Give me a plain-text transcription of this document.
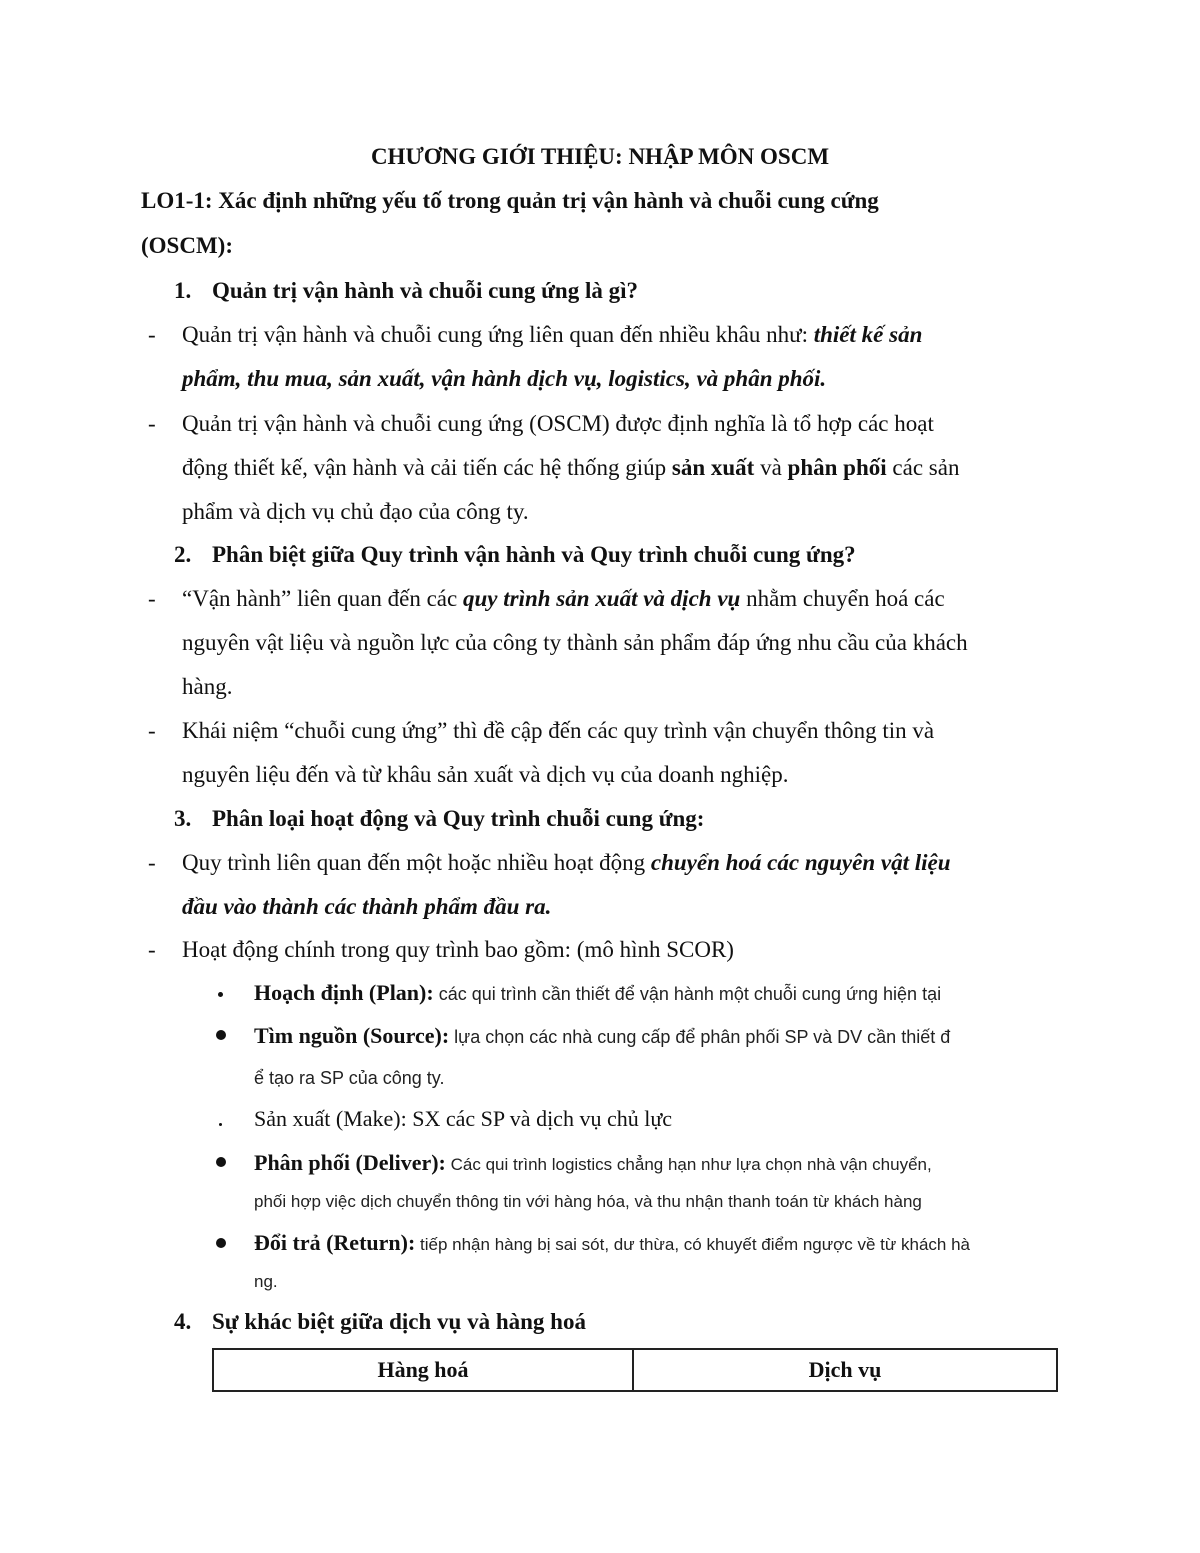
CHƯƠNG GIỚI THIỆU: NHẬP MÔN OSCM
LO1-1: Xác định những yếu tố trong quản trị vận hành và chuỗi cung cứng
(OSCM):
1. Quản trị vận hành và chuỗi cung ứng là gì?
- Quản trị vận hành và chuỗi cung ứng liên quan đến nhiều khâu như: thiết kế sản
phẩm, thu mua, sản xuất, vận hành dịch vụ, logistics, và phân phối.
- Quản trị vận hành và chuỗi cung ứng (OSCM) được định nghĩa là tổ hợp các hoạt
động thiết kế, vận hành và cải tiến các hệ thống giúp sản xuất và phân phối các sản
phẩm và dịch vụ chủ đạo của công ty.
2. Phân biệt giữa Quy trình vận hành và Quy trình chuỗi cung ứng?
- “Vận hành” liên quan đến các quy trình sản xuất và dịch vụ nhằm chuyển hoá các
nguyên vật liệu và nguồn lực của công ty thành sản phẩm đáp ứng nhu cầu của khách
hàng.
- Khái niệm “chuỗi cung ứng” thì đề cập đến các quy trình vận chuyển thông tin và
nguyên liệu đến và từ khâu sản xuất và dịch vụ của doanh nghiệp.
3. Phân loại hoạt động và Quy trình chuỗi cung ứng:
- Quy trình liên quan đến một hoặc nhiều hoạt động chuyển hoá các nguyên vật liệu
đầu vào thành các thành phẩm đầu ra.
- Hoạt động chính trong quy trình bao gồm: (mô hình SCOR)
Hoạch định (Plan): các qui trình cần thiết để vận hành một chuỗi cung ứng hiện tại
Tìm nguồn (Source): lựa chọn các nhà cung cấp để phân phối SP và DV cần thiết đ
ể tạo ra SP của công ty.
Sản xuất (Make): SX các SP và dịch vụ chủ lực
Phân phối (Deliver): Các qui trình logistics chẳng hạn như lựa chọn nhà vận chuyển,
phối hợp việc dịch chuyển thông tin với hàng hóa, và thu nhận thanh toán từ khách hàng
Đổi trả (Return): tiếp nhận hàng bị sai sót, dư thừa, có khuyết điểm ngược về từ khách hà
ng.
4. Sự khác biệt giữa dịch vụ và hàng hoá
Hàng hoá	Dịch vụ
